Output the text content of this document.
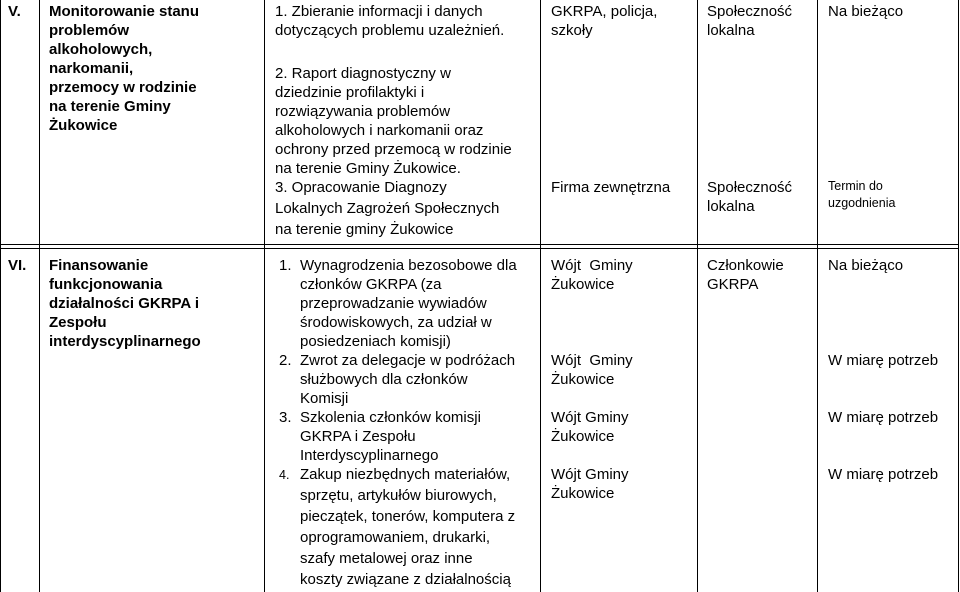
V. Monitorowanie stanu
problemów
alkoholowych,
narkomanii,
przemocy w rodzinie
na terenie Gminy
Żukowice
1. Zbieranie informacji i danych
dotyczących problemu uzależnień.
2. Raport diagnostyczny w
dziedzinie profilaktyki i
rozwiązywania problemów
alkoholowych i narkomanii oraz
ochrony przed przemocą w rodzinie
na terenie Gminy Żukowice.
3. Opracowanie Diagnozy
Lokalnych Zagrożeń Społecznych
na terenie gminy Żukowice
GKRPA, policja,
szkoły
Firma zewnętrzna
Społeczność
lokalna
Społeczność
lokalna
Na bieżąco
Termin do
uzgodnienia
VI. Finansowanie
funkcjonowania
działalności GKRPA i
Zespołu
interdyscyplinarnego
1. Wynagrodzenia bezosobowe dla
członków GKRPA (za
przeprowadzanie wywiadów
środowiskowych, za udział w
posiedzeniach komisji)
2. Zwrot za delegacje w podróżach
służbowych dla członków
Komisji
3. Szkolenia członków komisji
GKRPA i Zespołu
Interdyscyplinarnego
4. Zakup niezbędnych materiałów,
sprzętu, artykułów biurowych,
pieczątek, tonerów, komputera z
oprogramowaniem, drukarki,
szafy metalowej oraz inne
koszty związane z działalnością
Wójt  Gminy
Żukowice
Wójt  Gminy
Żukowice
Wójt Gminy
Żukowice
Wójt Gminy
Żukowice
Członkowie
GKRPA
Na bieżąco
W miarę potrzeb
W miarę potrzeb
W miarę potrzeb
